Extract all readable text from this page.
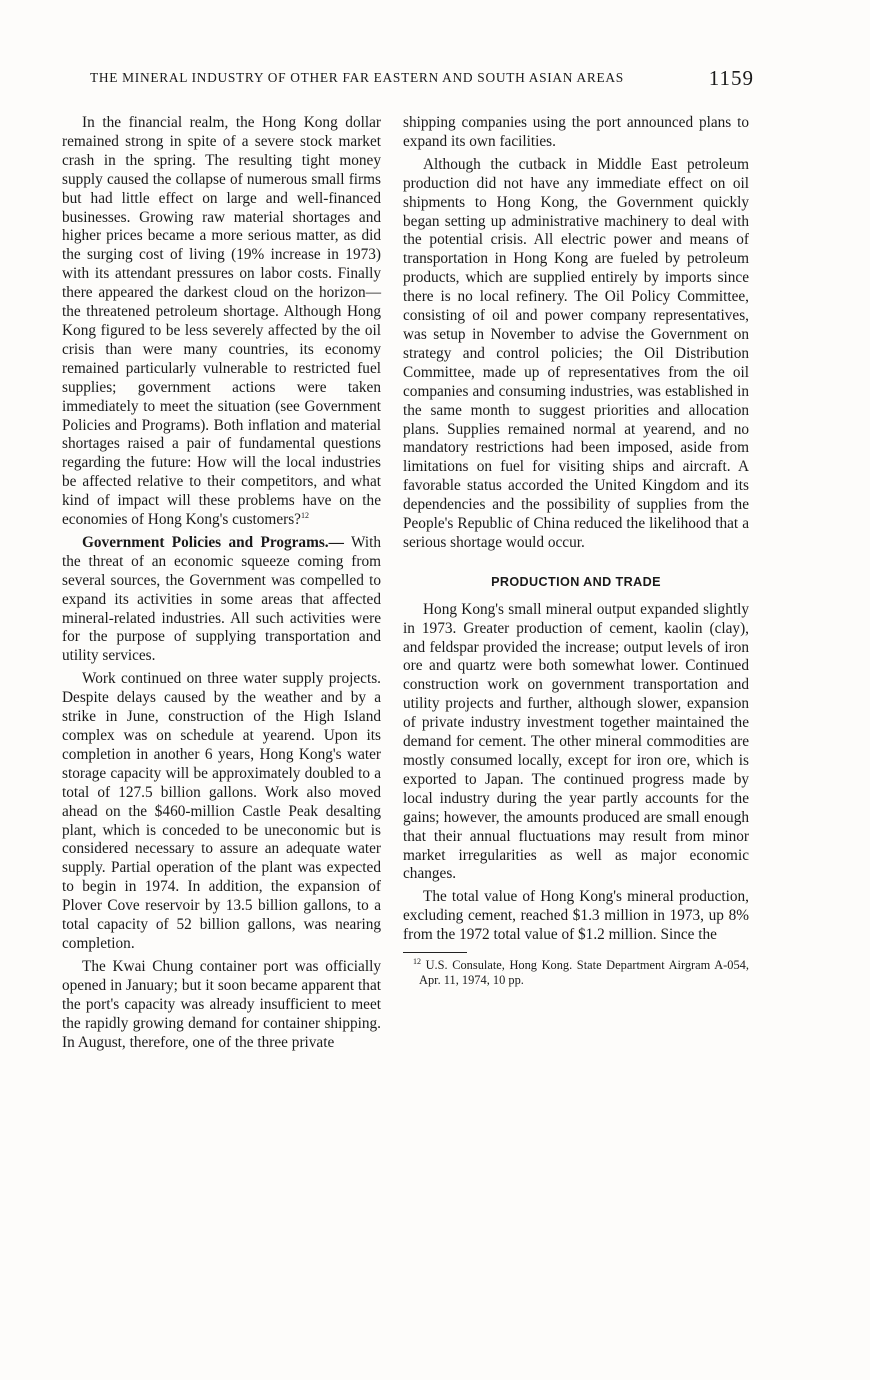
THE MINERAL INDUSTRY OF OTHER FAR EASTERN AND SOUTH ASIAN AREAS	1159

In the financial realm, the Hong Kong dollar remained strong in spite of a severe stock market crash in the spring. The resulting tight money supply caused the collapse of numerous small firms but had little effect on large and well-financed businesses. Growing raw material shortages and higher prices became a more serious matter, as did the surging cost of living (19% increase in 1973) with its attendant pressures on labor costs. Finally there appeared the darkest cloud on the horizon—the threatened petroleum shortage. Although Hong Kong figured to be less severely affected by the oil crisis than were many countries, its economy remained particularly vulnerable to restricted fuel supplies; government actions were taken immediately to meet the situation (see Government Policies and Programs). Both inflation and material shortages raised a pair of fundamental questions regarding the future: How will the local industries be affected relative to their competitors, and what kind of impact will these problems have on the economies of Hong Kong's customers?$^{12}$

Government Policies and Programs.— With the threat of an economic squeeze coming from several sources, the Government was compelled to expand its activities in some areas that affected mineral-related industries. All such activities were for the purpose of supplying transportation and utility services.

Work continued on three water supply projects. Despite delays caused by the weather and by a strike in June, construction of the High Island complex was on schedule at yearend. Upon its completion in another 6 years, Hong Kong's water storage capacity will be approximately doubled to a total of 127.5 billion gallons. Work also moved ahead on the $460-million Castle Peak desalting plant, which is conceded to be uneconomic but is considered necessary to assure an adequate water supply. Partial operation of the plant was expected to begin in 1974. In addition, the expansion of Plover Cove reservoir by 13.5 billion gallons, to a total capacity of 52 billion gallons, was nearing completion.

The Kwai Chung container port was officially opened in January; but it soon became apparent that the port's capacity was already insufficient to meet the rapidly growing demand for container shipping. In August, therefore, one of the three private

shipping companies using the port announced plans to expand its own facilities.

Although the cutback in Middle East petroleum production did not have any immediate effect on oil shipments to Hong Kong, the Government quickly began setting up administrative machinery to deal with the potential crisis. All electric power and means of transportation in Hong Kong are fueled by petroleum products, which are supplied entirely by imports since there is no local refinery. The Oil Policy Committee, consisting of oil and power company representatives, was setup in November to advise the Government on strategy and control policies; the Oil Distribution Committee, made up of representatives from the oil companies and consuming industries, was established in the same month to suggest priorities and allocation plans. Supplies remained normal at yearend, and no mandatory restrictions had been imposed, aside from limitations on fuel for visiting ships and aircraft. A favorable status accorded the United Kingdom and its dependencies and the possibility of supplies from the People's Republic of China reduced the likelihood that a serious shortage would occur.

PRODUCTION AND TRADE

Hong Kong's small mineral output expanded slightly in 1973. Greater production of cement, kaolin (clay), and feldspar provided the increase; output levels of iron ore and quartz were both somewhat lower. Continued construction work on government transportation and utility projects and further, although slower, expansion of private industry investment together maintained the demand for cement. The other mineral commodities are mostly consumed locally, except for iron ore, which is exported to Japan. The continued progress made by local industry during the year partly accounts for the gains; however, the amounts produced are small enough that their annual fluctuations may result from minor market irregularities as well as major economic changes.

The total value of Hong Kong's mineral production, excluding cement, reached $1.3 million in 1973, up 8% from the 1972 total value of $1.2 million. Since the

$^{12}$ U.S. Consulate, Hong Kong. State Department Airgram A-054, Apr. 11, 1974, 10 pp.
